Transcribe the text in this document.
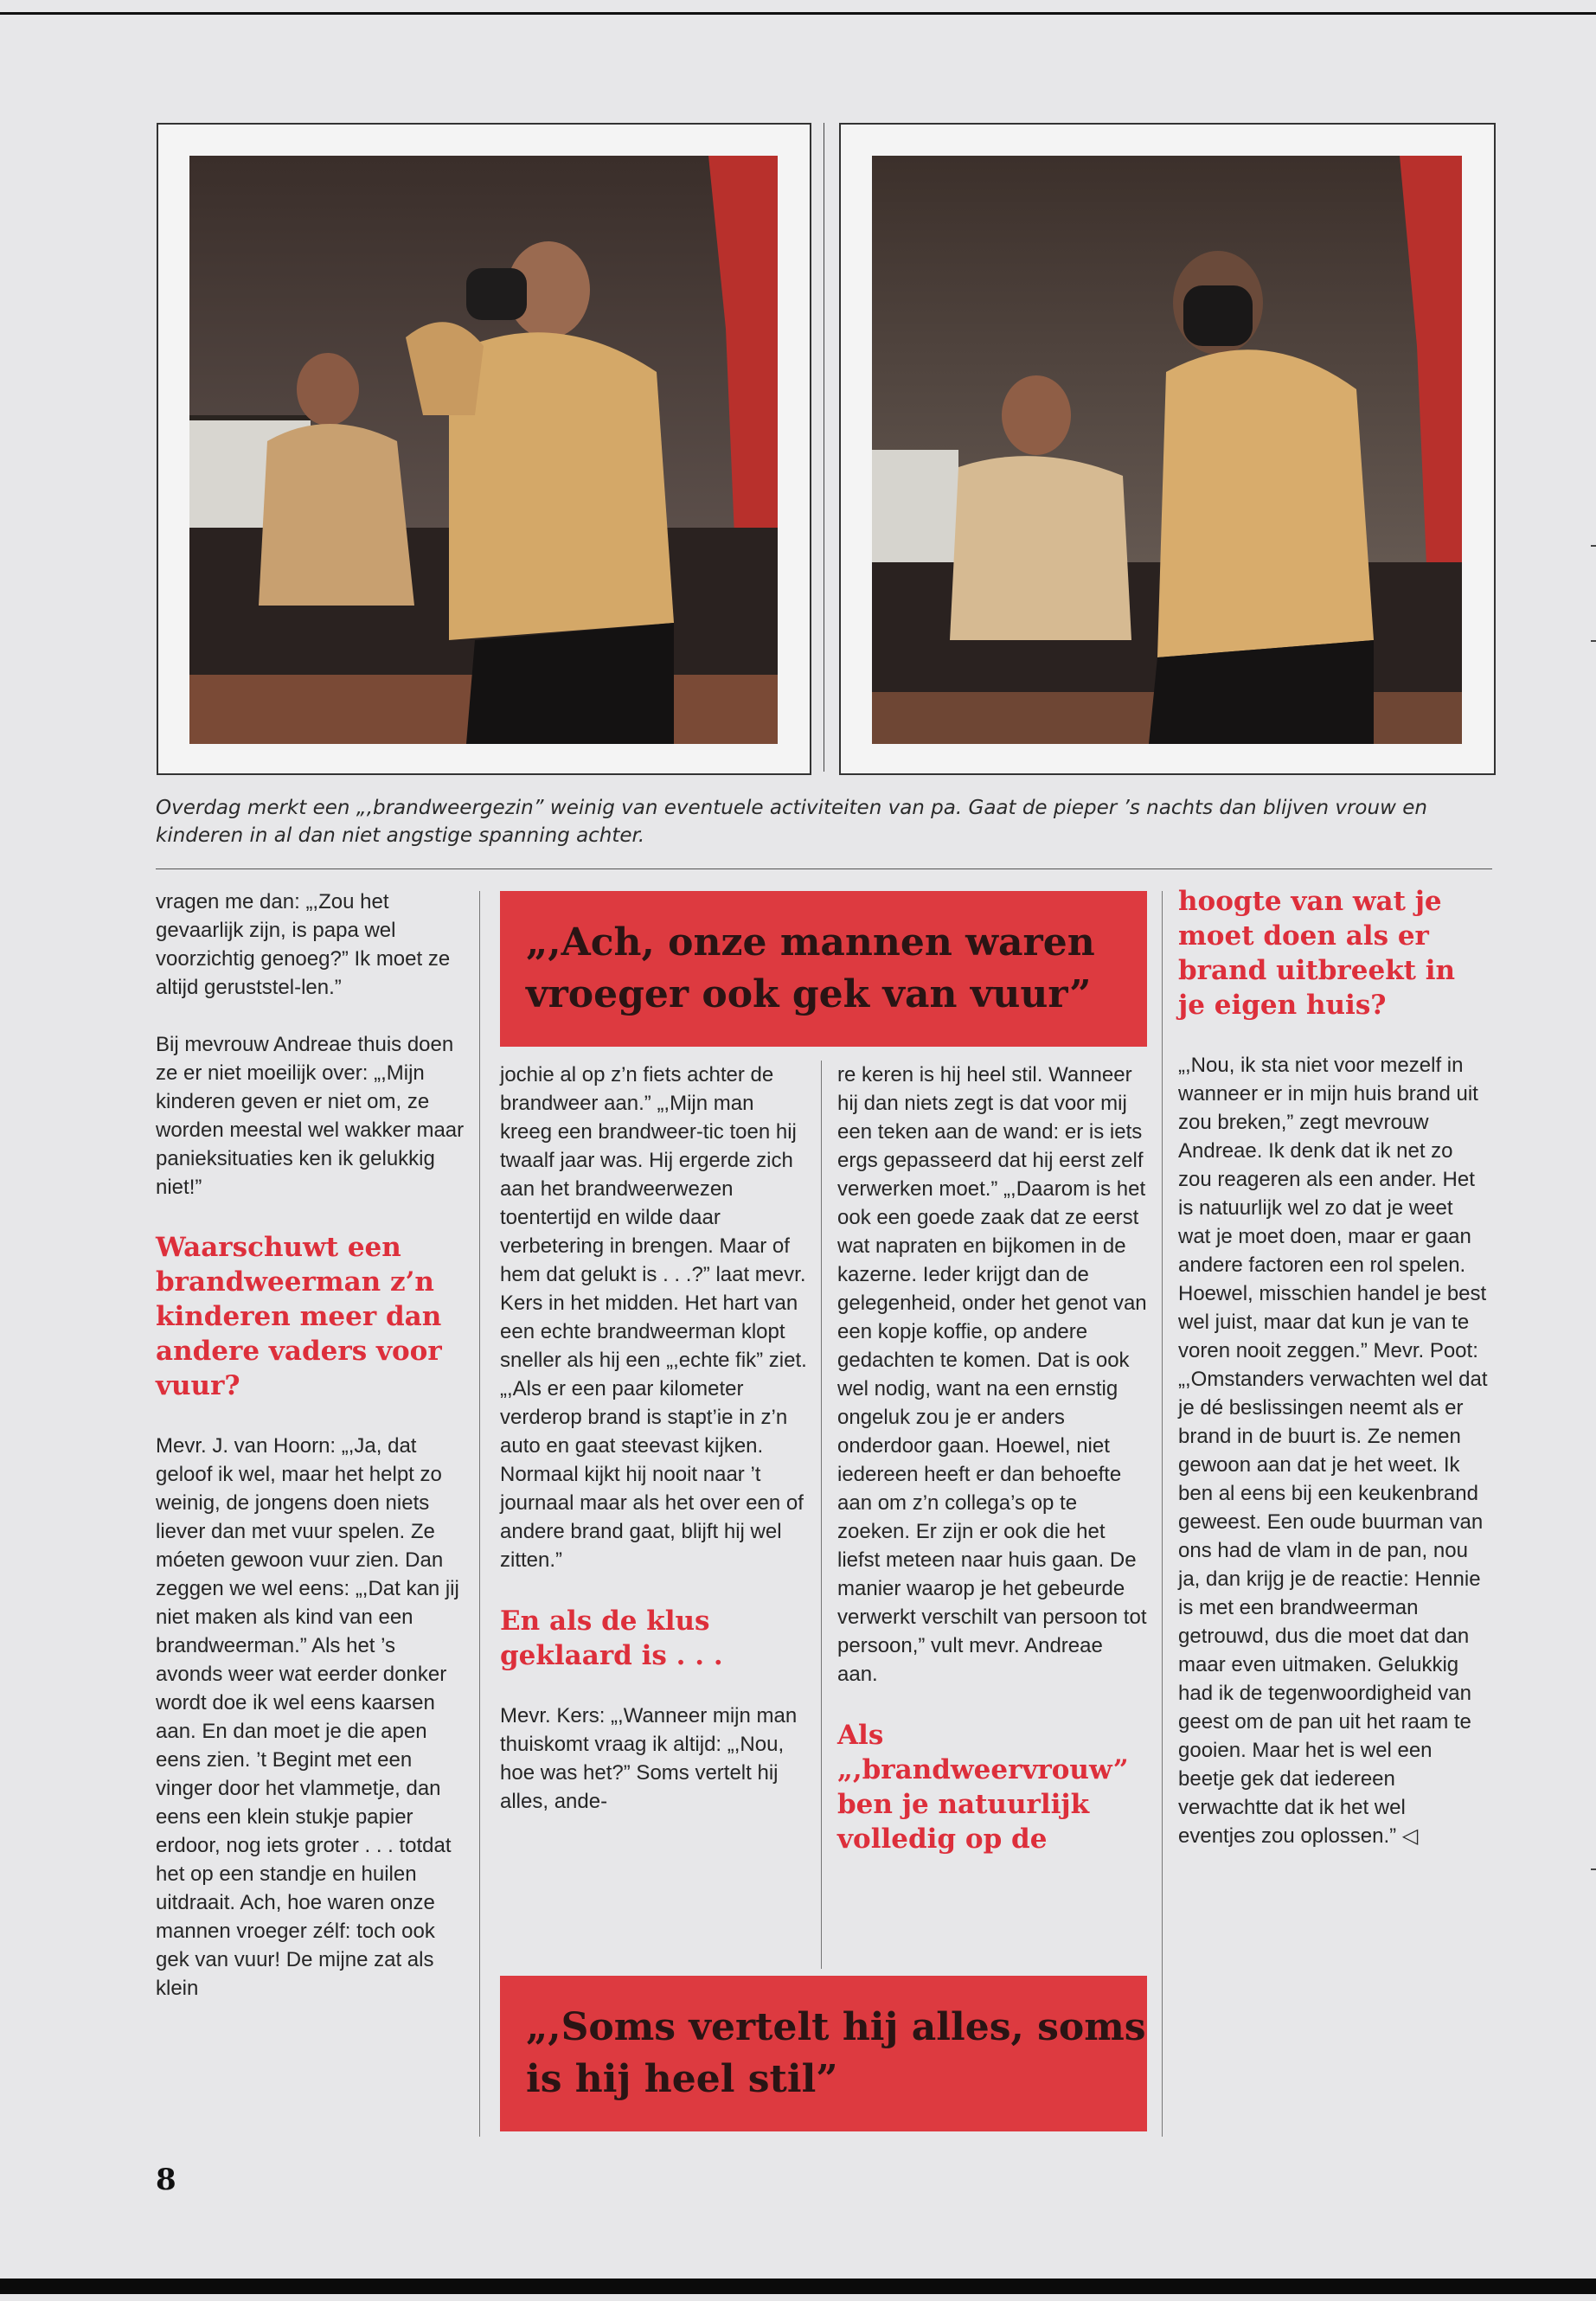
Overdag merkt een „,brandweergezin” weinig van eventuele activiteiten van pa. Gaat de pieper ’s nachts dan blijven vrouw en kinderen in al dan niet angstige spanning achter.

vragen me dan: „,Zou het gevaarlijk zijn, is papa wel voorzichtig genoeg?” Ik moet ze altijd geruststel-len.”

Bij mevrouw Andreae thuis doen ze er niet moeilijk over: „,Mijn kinderen geven er niet om, ze worden meestal wel wakker maar panieksituaties ken ik gelukkig niet!”

Waarschuwt een brandweerman z’n kinderen meer dan andere vaders voor vuur?

Mevr. J. van Hoorn: „,Ja, dat geloof ik wel, maar het helpt zo weinig, de jongens doen niets liever dan met vuur spelen. Ze móeten gewoon vuur zien. Dan zeggen we wel eens: „,Dat kan jij niet maken als kind van een brandweerman.” Als het ’s avonds weer wat eerder donker wordt doe ik wel eens kaarsen aan. En dan moet je die apen eens zien. ’t Begint met een vinger door het vlammetje, dan eens een klein stukje papier erdoor, nog iets groter . . . totdat het op een standje en huilen uitdraait. Ach, hoe waren onze mannen vroeger zélf: toch ook gek van vuur! De mijne zat als klein

„,Ach, onze mannen waren vroeger ook gek van vuur”

jochie al op z’n fiets achter de brandweer aan.” „,Mijn man kreeg een brandweer-tic toen hij twaalf jaar was. Hij ergerde zich aan het brandweerwezen toentertijd en wilde daar verbetering in brengen. Maar of hem dat gelukt is . . .?” laat mevr. Kers in het midden. Het hart van een echte brandweerman klopt sneller als hij een „,echte fik” ziet. „,Als er een paar kilometer verderop brand is stapt’ie in z’n auto en gaat steevast kijken. Normaal kijkt hij nooit naar ’t journaal maar als het over een of andere brand gaat, blijft hij wel zitten.”

En als de klus geklaard is . . .

Mevr. Kers: „,Wanneer mijn man thuiskomt vraag ik altijd: „,Nou, hoe was het?” Soms vertelt hij alles, ande-

re keren is hij heel stil. Wanneer hij dan niets zegt is dat voor mij een teken aan de wand: er is iets ergs gepasseerd dat hij eerst zelf verwerken moet.” „,Daarom is het ook een goede zaak dat ze eerst wat napraten en bijkomen in de kazerne. Ieder krijgt dan de gelegenheid, onder het genot van een kopje koffie, op andere gedachten te komen. Dat is ook wel nodig, want na een ernstig ongeluk zou je er anders onderdoor gaan. Hoewel, niet iedereen heeft er dan behoefte aan om z’n collega’s op te zoeken. Er zijn er ook die het liefst meteen naar huis gaan. De manier waarop je het gebeurde verwerkt verschilt van persoon tot persoon,” vult mevr. Andreae aan.

Als „,brandweervrouw” ben je natuurlijk volledig op de
„,Soms vertelt hij alles, soms is hij heel stil”
hoogte van wat je moet doen als er brand uitbreekt in je eigen huis?

„,Nou, ik sta niet voor mezelf in wanneer er in mijn huis brand uit zou breken,” zegt mevrouw Andreae. Ik denk dat ik net zo zou reageren als een ander. Het is natuurlijk wel zo dat je weet wat je moet doen, maar er gaan andere factoren een rol spelen. Hoewel, misschien handel je best wel juist, maar dat kun je van te voren nooit zeggen.” Mevr. Poot: „,Omstanders verwachten wel dat je dé beslissingen neemt als er brand in de buurt is. Ze nemen gewoon aan dat je het weet. Ik ben al eens bij een keukenbrand geweest. Een oude buurman van ons had de vlam in de pan, nou ja, dan krijg je de reactie: Hennie is met een brandweerman getrouwd, dus die moet dat dan maar even uitmaken. Gelukkig had ik de tegenwoordigheid van geest om de pan uit het raam te gooien. Maar het is wel een beetje gek dat iedereen verwachtte dat ik het wel eventjes zou oplossen.” ◁

8
